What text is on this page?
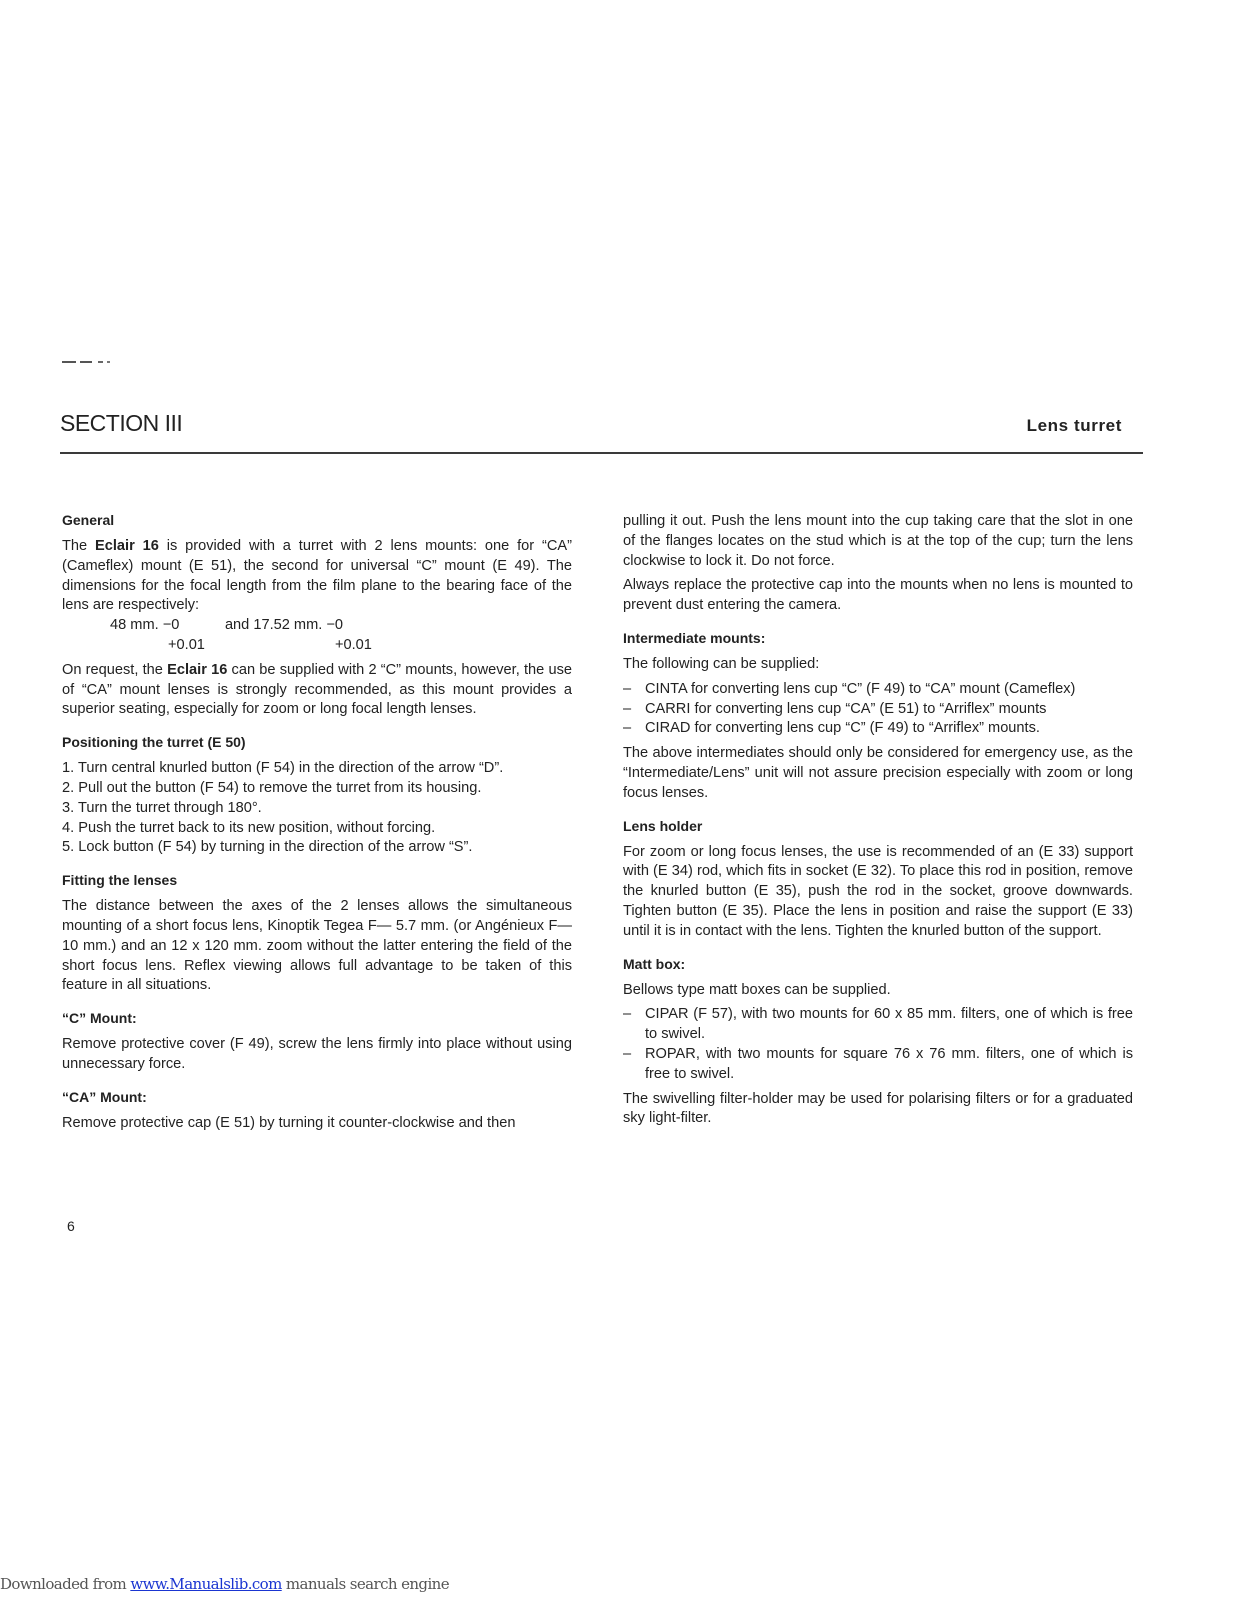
SECTION III	Lens turret
General

The Eclair 16 is provided with a turret with 2 lens mounts: one for “CA” (Cameflex) mount (E 51), the second for universal “C” mount (E 49). The dimensions for the focal length from the film plane to the bearing face of the lens are respectively:

48 mm. −0	and 17.52 mm. −0
+0.01	+0.01

On request, the Eclair 16 can be supplied with 2 “C” mounts, however, the use of “CA” mount lenses is strongly recommended, as this mount provides a superior seating, especially for zoom or long focal length lenses.

Positioning the turret (E 50)
1. Turn central knurled button (F 54) in the direction of the arrow “D”.
2. Pull out the button (F 54) to remove the turret from its housing.
3. Turn the turret through 180°.
4. Push the turret back to its new position, without forcing.
5. Lock button (F 54) by turning in the direction of the arrow “S”.
Fitting the lenses

The distance between the axes of the 2 lenses allows the simultaneous mounting of a short focus lens, Kinoptik Tegea F— 5.7 mm. (or Angénieux F— 10 mm.) and an 12 x 120 mm. zoom without the latter entering the field of the short focus lens. Reflex viewing allows full advantage to be taken of this feature in all situations.

“C” Mount:

Remove protective cover (F 49), screw the lens firmly into place without using unnecessary force.

“CA” Mount:

Remove protective cap (E 51) by turning it counter-clockwise and then

pulling it out. Push the lens mount into the cup taking care that the slot in one of the flanges locates on the stud which is at the top of the cup; turn the lens clockwise to lock it. Do not force.

Always replace the protective cap into the mounts when no lens is mounted to prevent dust entering the camera.

Intermediate mounts:

The following can be supplied:

– CINTA for converting lens cup “C” (F 49) to “CA” mount (Cameflex)
– CARRI for converting lens cup “CA” (E 51) to “Arriflex” mounts
– CIRAD for converting lens cup “C” (F 49) to “Arriflex” mounts.

The above intermediates should only be considered for emergency use, as the “Intermediate/Lens” unit will not assure precision especially with zoom or long focus lenses.

Lens holder

For zoom or long focus lenses, the use is recommended of an (E 33) support with (E 34) rod, which fits in socket (E 32). To place this rod in position, remove the knurled button (E 35), push the rod in the socket, groove downwards. Tighten button (E 35). Place the lens in position and raise the support (E 33) until it is in contact with the lens. Tighten the knurled button of the support.

Matt box:

Bellows type matt boxes can be supplied.

– CIPAR (F 57), with two mounts for 60 x 85 mm. filters, one of which is free to swivel.
– ROPAR, with two mounts for square 76 x 76 mm. filters, one of which is free to swivel.

The swivelling filter-holder may be used for polarising filters or for a graduated sky light-filter.

6
Downloaded from www.Manualslib.com manuals search engine
